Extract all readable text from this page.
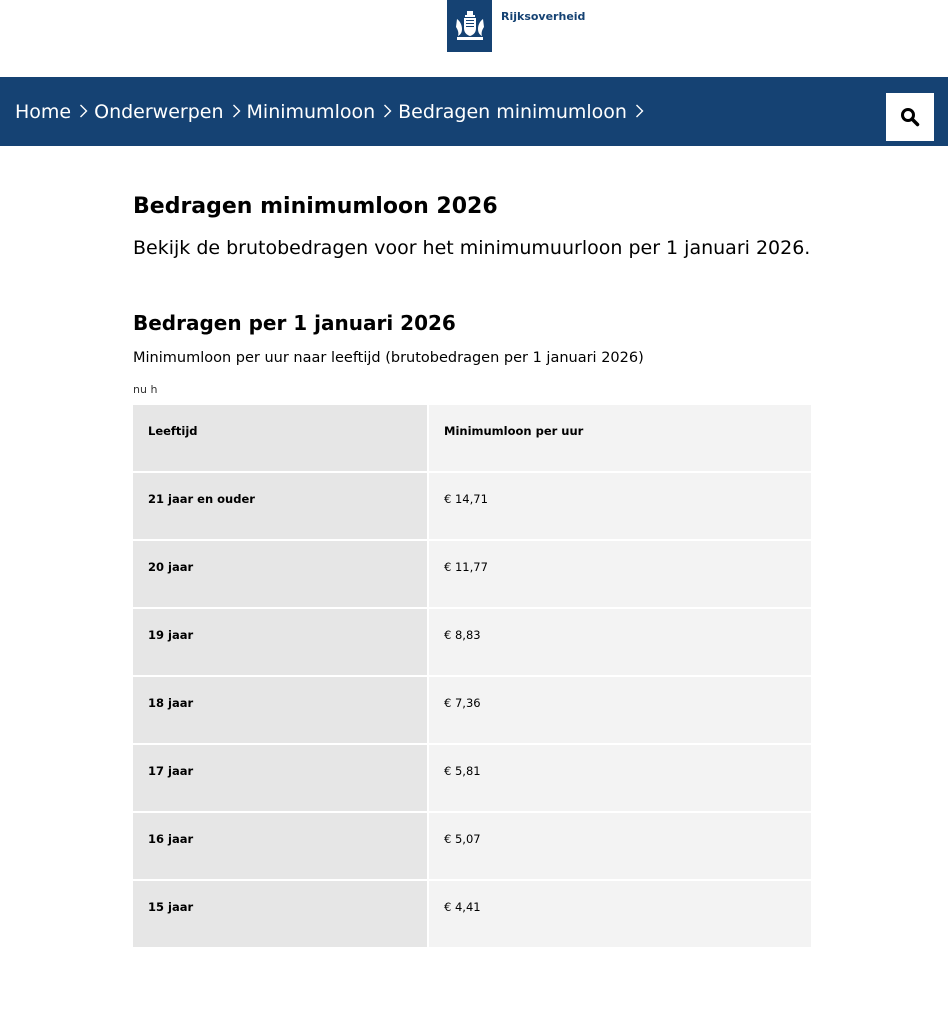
Rijksoverheid
Home Onderwerpen Minimumloon Bedragen minimumloon
Bedragen minimumloon 2026

Bekijk de brutobedragen voor het minimumuurloon per 1 januari 2026.

Bedragen per 1 januari 2026

Minimumloon per uur naar leeftijd (brutobedragen per 1 januari 2026)

nu h

Leeftijd	Minimumloon per uur
21 jaar en ouder	€ 14,71
20 jaar	€ 11,77
19 jaar	€ 8,83
18 jaar	€ 7,36
17 jaar	€ 5,81
16 jaar	€ 5,07
15 jaar	€ 4,41
